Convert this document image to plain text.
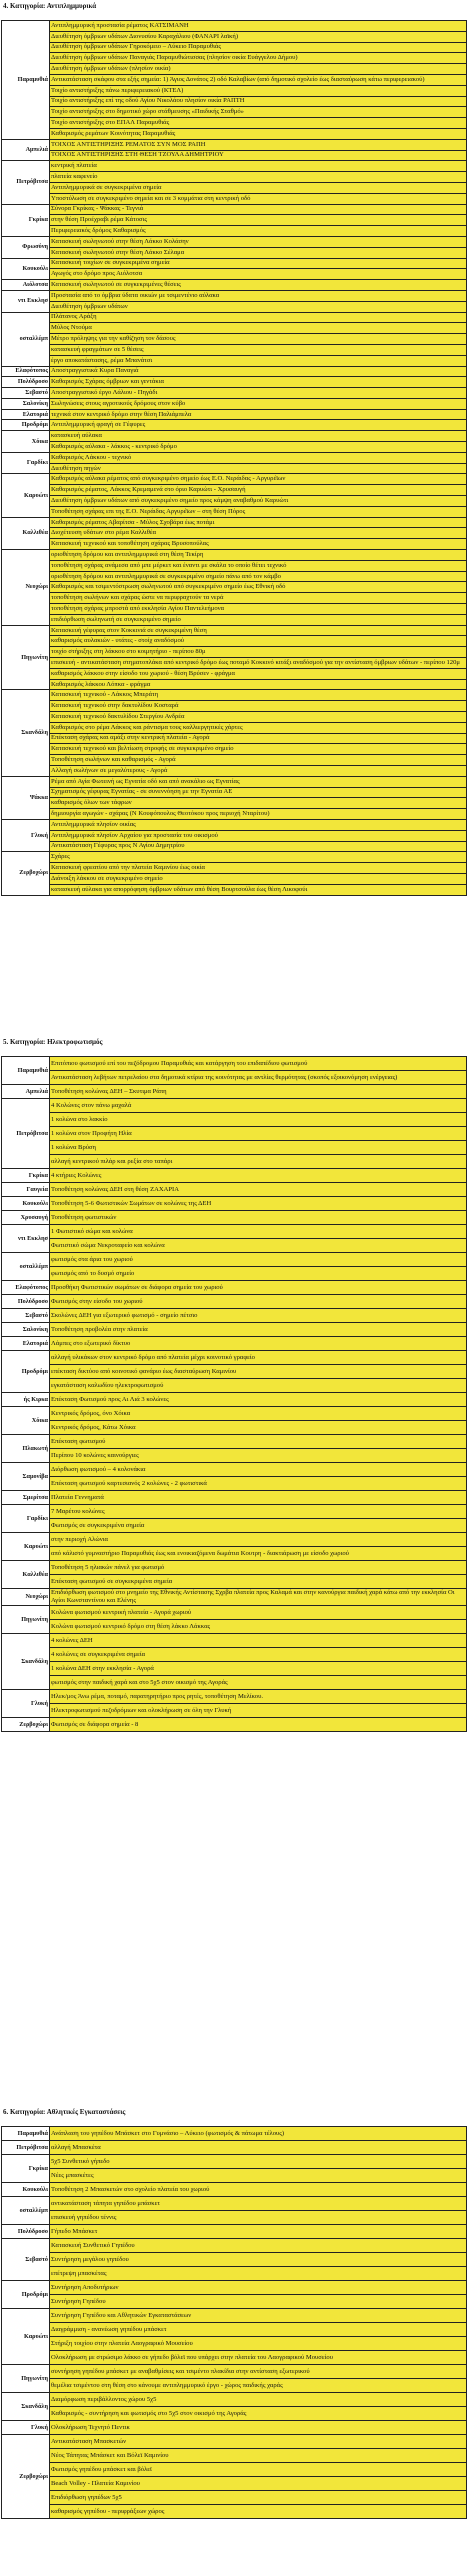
4. Κατηγορία: Αντιπλημμυρικά
Παραμυθιά	Αντιπλημμυρική προστασία ρέματος ΚΑΤΣΙΜΑΝΗ
	Διευθέτηση όμβριων υδάτων Διονυσίου Καραχάλιου (ΦΑΝΑΡΙ λαϊκή)
	Διευθέτηση όμβριων υδάτων Γηροκόμειο – Λύκειο Παραμυθιάς
	Διευθέτηση όμβριων υδάτων Παναγιάς Παραμυθιώτισσας (πλησίον οικία Ευάγγελου Δήμου)
	Διευθέτηση όμβριων υδάτων (πλησίον οικία)
	Αντικατάσταση σκάφου στα εξής σημεία: 1) Άγιος Δονάτος 2) οδό Καλαβίων (από δημοτικό σχολείο έως διασταύρωση κάτω περιφερειακού)
	Τοιχίο αντιστήριξης πάνω περιφερειακού (ΚΤΕΛ)
	Τοιχίο αντιστήριξης επί της οδού Αγίου Νικολάου πλησίον οικία ΡΑΠΤΗ
	Τοιχίο αντιστήριξης στο δημοτικό χώρο στάθμευσης «Παιδικής Σταθμό»
	Τοιχίο αντιστήριξης στο ΕΠΑΛ Παραμυθιάς
	Καθαρισμός ρεμάτων Κοινότητας Παραμυθιάς
Αμπελιά	ΤΟΙΧΟΣ ΑΝΤΙΣΤΗΡΙΞΗΣ ΡΕΜΑΤΟΣ ΣΥΝ ΜΟΣ ΡΑΠΗ
	ΤΟΙΧΟΣ ΑΝΤΙΣΤΗΡΙΞΗΣ ΣΤΗ ΘΕΣΗ ΤΖΟΥΛΑ ΔΗΜΗΤΡΙΟΥ
Πετρόβιτσα	κεντρική πλατεία
	πλατεία καφενείο
	Αντιπλημμυρικά σε συγκεκριμένα σημεία
	Υποστύλωση σε συγκεκριμένο σημεία και σε 3 κομμάτια στη κεντρική οδό
Γκρίκα	Σύνορα Γκρίκας - Ψάκκας - Τεγνιά
	στην θέση Προέχραβι ρέμα Κάτοσις
	Περιφερειακός δρόμος Καθαρισμός
Φρωσύνη	Κατασκευή σωληνωτού στην θέση Λάκκο Κολάσην
	Κατασκευή σωληνωτού στην θέση Λάκκο Σέλαμα
Κουκούλι	Κατασκευή τοιχίων σε συγκεκριμένα σημεία
	Αγωγός στο δρόμο προς Αιόλοτσα
Αιόλοτσα	Κατασκευή σωληνωτού σε συγκεκριμένες θέσεις
ντι Εκκλησ	Προστασία από το όμβρια ύδατα οικιών με τσιμεντένιο αύλακα
	Διευθέτηση όμβριων υδάτων
οσταλλέμπ	Πλάτανος Αράξη
	Μύλος Ντούμα
	Μέτρο πρόληψης για την καθίζηση τον δάσους
	κατασκευή φραγμάτων σε 5 θέσεις
	έργο αποκατάστασης, ρέμα Μπανάτσι
Ελαφότοπος	Αποστραγγιστικά Κυρα Παναγιά
Πολύδροσο	Καθαρισμός Σχάρας όμβριων και γεντάκια
Σεβαστό	Αποστραγγιστικό έργο Λάλιου - Πηγάδι
Σαλονίκη	Σωληνώσεις στους αγροτικούς δρόμους στον κύβο
Ελατοριά	τεχνικά στον κεντρικό δρόμο στην θέση Παλιάμπελα
Προδρόμι	Αντιπλημμυρική φραγή σε Γέφυρες
Χόικα	κατασκευή αύλακα
	Καθαρισμός αύλακα - λάκκος - κεντρικό δρόμο
Γαρδίκι	Καθαρισμός Λάκκου - τεχνικό
	Διευθέτηση πηγών
Καρυώτι	Καθαρισμός αύλακα ρέματος από συγκεκριμένο σημείο έως Ε.Ο. Νεράιδας - Αργυρέϊων
	Καθαρισμός ρέματος, Λάκκος Κρεμαμενά στο όριο Καρυώτι - Χρυσαυγή
	Διευθέτηση όμβριων υδάτων από συγκεκριμένο σημείο προς κάμψη αναβαθμού Καρυώτι
	Τοποθέτηση σχάρας επι της Ε.Ο. Νεράιδας Αργυρέϊων – στη θέση Πόρος
Καλλιθέα	Καθαρισμός ρέματος Αβαρίτσα - Μύλος Σχοβάρα έως ποτάμι
	Διοχέτευση υδάτων στο ρέμα Καλλιθέα
	Κατασκευή τεχνικού και τοποθέτηση σχάρας Βρυσοπούλας
Νεοχώρι	οριοθέτηση δρόμου και αντιπλημμυρικά στη θέση Τεκίρη
	τοποθέτηση σχάρας ανάμεσα από μπε μέρκετ και έναντι με σκάλα το οποίο θέτει τεχνικό
	οριοθέτηση δρόμου και αντιπλημμυρικά σε συγκεκριμένο σημείο πάνω από τον κάμβο
	Καθαρισμός και τσιμεντόστρωση σωληνωτού από συγκεκριμένο σημείο έως Εθνική οδό
	τοποθέτηση σωλήνων και σχάρας ώστε να περιφραχτούν τα νερά
	τοποθέτηση σχάρας μπροστά από εκκλησία Αγίου Παντελεήμονα
	επιδιόρθωση σωληνωτή σε συγκεκριμένο σημείο
Πηγωνίτη	Κατασκευή γέφυρας στον Κοκκινιά σε συγκεκριμένη θέση
	καθαρισμός αυλακιών - υτάτες - στοίχ αναδόσμού
	τοιχίο στήριξης στη λάκκου στο κοιμητήριο - περίπου 80μ
	επισκευή - αντικατάσταση στηματοπλάκα από κεντρικό δρόμο έως ποταμό Κοκκινό κιτάξι αναδόσμού για την αντίσταση όμβριων υδάτων - περίπου 120μ
	καθαρισμός λάκκου στην είσοδο του χωριού - θέση Βρύσεν - φράγμα
	Καθαρισμός λάκκου Λόπκα - φράγμα
Σκανδάλη	Κατασκευή τεχνικού - Λάκκος Μπεράτη
	Κατασκευή τεχνικού στην δακτυλίδου Κοσταρά
	Κατασκευή τεχνικού δακτυλίδου Στεργίου Ανδρέα
	Καθαρισμός στο ρέμα Λάκκος και ράντισμα τους καλλιεργητικές χάρτες
	Επέκταση σχάρας και αμάξι στην κεντρική πλατεία - Αγορά
	Κατασκευή τεχνικού και βελτίωση στροφής σε συγκεκριμένο σημείο
	Τοποθέτηση σωλήνων και καθαρισμός - Αγορά
	Αλλαγή σωλήνων σε μεγαλύτερους - Αγορά
Ψάκκα	Ρέμα από Αγία Φωτεινή ως Εγνατία οδό και από ανακάλιο ως Εγνατίας
	Σχηματισμός γέφυρας Εγνατίας - σε συνεννόηση με την Εγνατία ΑΕ
	καθαρισμός όλων των τάφρων
	δημιουργία αγωγών - σχάρας (Ν Κουφόπουλος Θεοτόκου προς περιοχή Νταρίτου)
Γλυκή	Αντιπλημμυρικά πλησίον οικίας
	Αντιπλημμυρικά πλησίον Αρχαίου για προστασία του οικισμού
	Αντικατάσταση Γέφυρας προς Ν Αγίου Δημητρίου
Ζερβοχώρι	Σχάρες
	Κατασκευή φρεατίου από την πλατεία Καμινίου έως οικία
	Διάνοιξη λάκκου σε συγκεκριμένο σημείο
	κατασκευή αύλακα για απορρόφηση όμβριων υδάτων από θέση Βουρτσούλα έως θέση Λικοφούι
5. Κατηγορία: Ηλεκτροφωτισμός
Παραμυθιά	Επιτόπιου φωτισμού επί του πεζόδρομου Παραμυθιάς και κατάργηση του επιδαπέδιου φωτισμού
	Αντικατάσταση λεβήτων πετρελαίου στα δημοτικά κτίρια της κοινότητας με αντλίες θερμότητας (σκοπός εξοικονόμηση ενέργειας)
Αμπελιά	Τοποθέτηση κολώνας ΔΕΗ – Σκυτιμα Ράπη
Πετρόβιτσα	4 Κολώνες στον πάνω μαχαλά
	1 κολώνα στο λακκίο
	1 κολώνα στον Προφήτη Ηλία
	1 κολώνα Βρύση
	αλλαγή κεντρικού πιλάρ και ρεξία στο ταπάρι
Γκρίκα	4 κτήριες Κολώνες
Γαυγεία	Τοποθέτηση κολώνας ΔΕΗ στη θέση ΖΑΧΑΡΙΑ
Κουκούλι	Τοποθέτηση 5-6 Φωτιστικών Σωμάτων σε κολώνες της ΔΕΗ
Χρυσαυγή	Τοποθέτηση φωτιστικών
ντι Εκκλησ	1 Φωτιστικό σώμα και κολώνα
	Φωτιστικό σώμα Νεκροταφείο και κολώνα
οσταλλέμπ	φωτισμός στα άρια του χωριού
	φωτισμός από το δυσμό σημείο
Ελαφότοπος	Προσθήκη Φωτιστικών σωμάτων σε διάφορα σημεία του χωριού
Πολύδροσο	Φωτισμός στην είσοδο του χωριού
Σεβαστό	Σκολώνες ΔΕΗ για εξωτερικό φωτισμό - σημείο πέτσιο
Σαλονίκη	Τοποθέτηση προβολέα στην πλατεία
Ελατοριά	Λάμπες στο εξωτερικό δίκτυο
Προδρόμι	αλλαγή υλικάκων στον κεντρικό δρόμο από πλατεία μέχρι κοινοτικό γραφείο
	επέκταση δικτύου από κοινοτικό φανάριο έως διασταύρωση Καμινίου
	εγκατάσταση καλωδίου ηλεκτροφωτισμού
ής Κιρκα	Επέκταση Φωτισμού προς Αι Λιά 3 κολώνες
Χόικα	Κεντρικός δρόμος, όνο Χόικα
	Κεντρικός δρόμος, Κάτω Χόικα
Πλακωτή	Επέκταση φωτισμού
	Περίπου 10 κολώνες καινούργιες
Σαμονίβα	Διόρθωση φωτισμού – 4 κολονάκια
	Επέκταση φωτισμού καρτεσιανός 2 κολώνες - 2 φωτιστικά
Σμερίτσα	Πλατεία Γεννηματά
Γαρδίκι	7 Μαρέτου κολώνες
	Φωτισμός σε συγκεκριμένα σημεία
Καρυώτι	στην περιοχή Αλώνια
	από κάλιστό γυμναστήριο Παραμυθιάς έως και ενοικιαζόμενα δωμάτια Κουτρη - διακτιάρωση με είσοδο χωριού
Καλλιθέα	Τοποθέτηση 5 ηλιακών πάνελ για φωτισμό
	Επέκταση φωτισμού σε συγκεκριμένα σημεία
Νεοχώρι	Επιδιόρθωση φωτισμού στο μνημείο της Εθνικής Αντίστασης Σχρβα πλατεία προς Καλαμά και στην κανούργια παιδική χαρά κάτω από την εκκλησία Οι Αγίοι Κωνσταντίνου και Ελένης
Πηγωνίτη	Κολώνα φωτισμού κεντρική πλατεία - Αγορά χωριού
	Κολώνα φωτισμού κεντρικό δρόμο στη θέση λάκκο Λάκκας
Σκανδάλη	4 κολώνες ΔΕΗ
	4 κολώνες σε συγκεκριμένα σημεία
	1 κολώνα ΔΕΗ στην εκκλησία - Αγορά
	φωτισμός στην παιδική χαρά και στο 5χ5 στον οικισμό της Αγοράς
Γλυκή	Ηλεκ/μος Άνω ρέμα, ποταμό, παρατηρητήριο προς ρητές, τοποθέτηση Μελίκου.
	Ηλεκτροφωτισμού πεζοδρόμιων και ολοκλήρωση σε όλη την Γλυκή
Ζερβοχώρι	Φωτισμός σε διάφορα σημεία - 8
6. Κατηγορία: Αθλητικές Εγκαταστάσεις
Παραμυθιά	Ανάπλαση του γηπέδου Μπάσκετ στο Γυμνάσιο – Λύκειο (φωτισμός & πάτωμα τέλους)
Πετρόβιτσα	αλλαγή Μπασκέτα
Γκρίκα	5χ5 Συνθετικό γήπεδο
	Νέες μπασκέτες
Κουκούλι	Τοποθέτηση 2 Μπασκετών στο σχολείο πλατεία του χωριού
οσταλλέμπ	αντικατάσταση τάπητα γηπέδου μπάσκετ
	επισκευή γηπέδου τέννις
Πολύδροσο	Γήπεδο Μπάσκετ
Σεβαστό	Κατασκευή Συνθετικό Γηπέδου
	Συντήρηση μεγάλου γηπέδου
	επέτρεψη μπασκέτας
Προδρόμι	Συντήρηση Αποδυτήριων
	Συντήρηση Γηπέδου
Καρυώτι	Συντήρηση Γηπέδου και Αθλητικών Εγκαταστάσεων
	Διαγράμμιση - ανανέωση γηπέδου μπάσκετ
	Στήριξη τοιχίου στην πλατεία Λαογραφικό Μουσείου
	Ολοκλήρωση με στρώσιμο λάκκο σε γήπεδο βόλεϊ που υπάρχει στην πλατεία του Λαογραφικού Μουσείου
Πηγωνίτη	συντήρηση γηπέδου μπάσκετ με αναβαθμίσεις και τσιμέντο πλακίδια στην αντίσταση εξωτερικού
	θεμέλια τσιμέντου στη θέση στο κάνουμε αντιπλημμυρικό έργο - χώρος παιδικής χαράς
Σκανδάλη	Διαμόρφωση περιβάλλοντος χώρου 5χ5
	Καθαρισμός - συντήρηση και φωτισμός στο 5χ5 στον οικισμό της Αγοράς
Γλυκή	Ολοκλήρωση Τεχνητό Πεντικ
Ζερβοχώρι	Αντικατάσταση Μπασκετών
	Νέος Τάπητας Μπάσκετ και Βόλεϊ Καμινίου
	Φωτισμός γηπέδου μπάσκετ και βόλεϊ
	Beach Volley - Πλατεία Καμινίου
	Επιδιόρθωση γηπέδων 5χ5
	καθαρισμός γηπέδου - περιφράξεων χώρος
